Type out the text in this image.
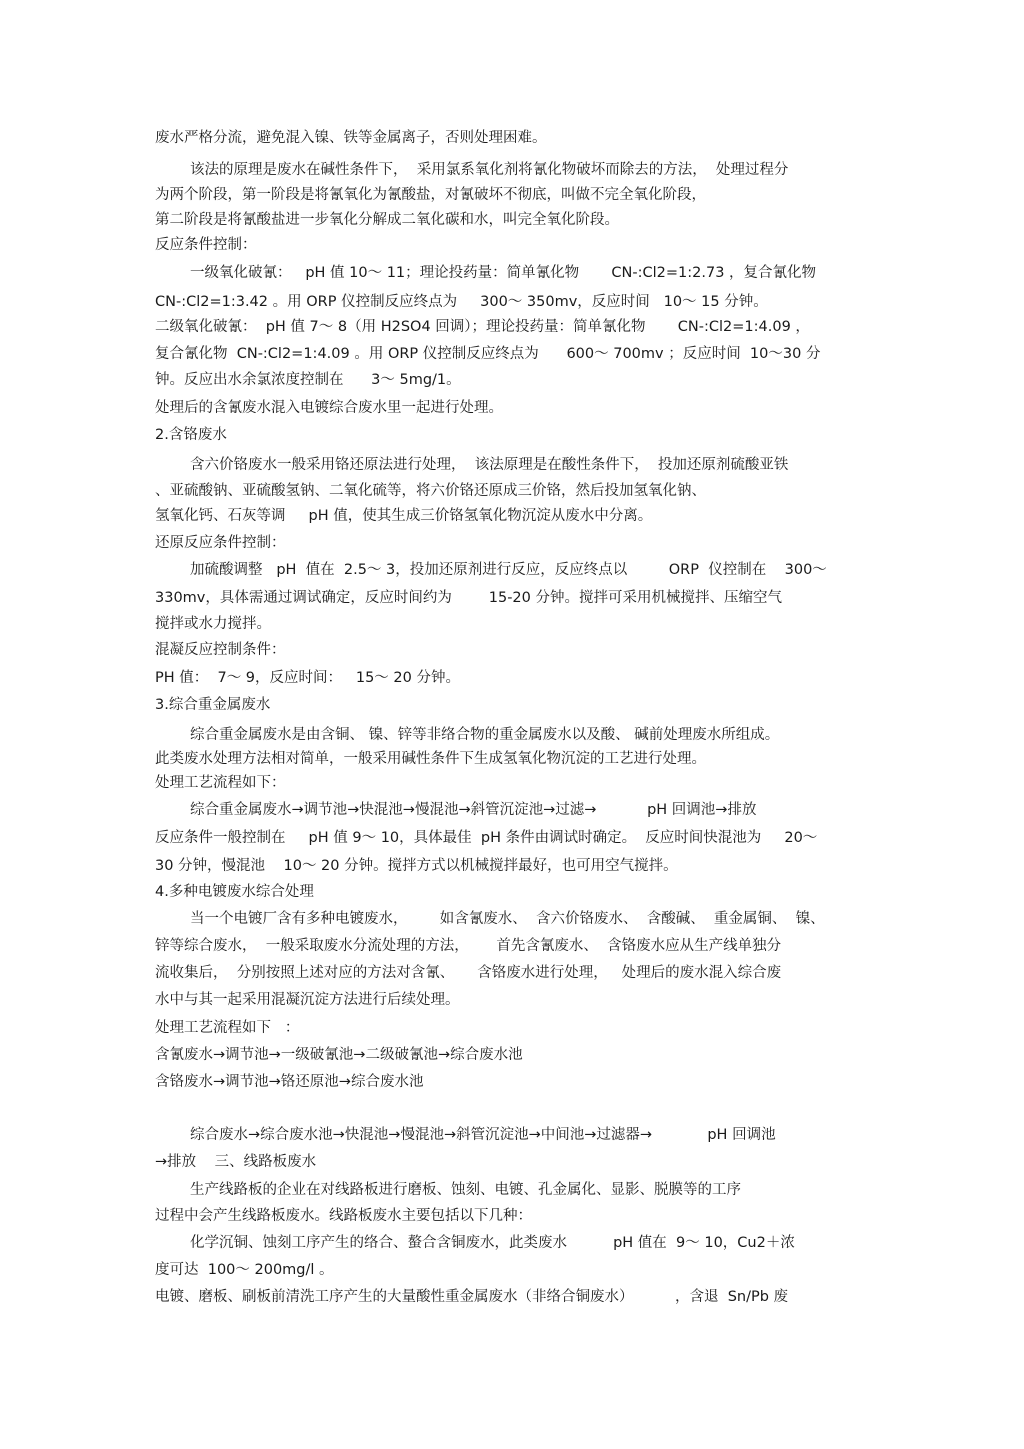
废水严格分流，避免混入镍、铁等金属离子，否则处理困难。

该法的原理是废水在碱性条件下，  采用氯系氧化剂将氰化物破坏而除去的方法，  处理过程分

为两个阶段，第一阶段是将氰氧化为氰酸盐，对氰破坏不彻底，叫做不完全氧化阶段，

第二阶段是将氰酸盐进一步氧化分解成二氧化碳和水，叫完全氧化阶段。

反应条件控制：

一级氧化破氰：   pH 值 10～ 11；理论投药量：简单氰化物       CN-:Cl2=1:2.73 ，复合氰化物

CN-:Cl2=1:3.42 。用 ORP 仪控制反应终点为     300～ 350mv，反应时间   10～ 15 分钟。

二级氧化破氰：  pH 值 7～ 8（用 H2SO4 回调）；理论投药量：简单氰化物       CN-:Cl2=1:4.09 ，

复合氰化物  CN-:Cl2=1:4.09 。用 ORP 仪控制反应终点为      600～ 700mv ；反应时间  10～30 分

钟。反应出水余氯浓度控制在      3～ 5mg/1。

处理后的含氰废水混入电镀综合废水里一起进行处理。

2.含铬废水

含六价铬废水一般采用铬还原法进行处理，  该法原理是在酸性条件下，  投加还原剂硫酸亚铁

、亚硫酸钠、亚硫酸氢钠、二氧化硫等，将六价铬还原成三价铬，然后投加氢氧化钠、

氢氧化钙、石灰等调     pH 值，使其生成三价铬氢氧化物沉淀从废水中分离。

还原反应条件控制：

加硫酸调整   pH  值在  2.5～ 3，投加还原剂进行反应，反应终点以         ORP  仪控制在    300～

330mv，具体需通过调试确定，反应时间约为        15-20 分钟。搅拌可采用机械搅拌、压缩空气

搅拌或水力搅拌。

混凝反应控制条件：

PH 值：  7～ 9，反应时间：   15～ 20 分钟。

3.综合重金属废水

综合重金属废水是由含铜、 镍、锌等非络合物的重金属废水以及酸、 碱前处理废水所组成。

此类废水处理方法相对简单，一般采用碱性条件下生成氢氧化物沉淀的工艺进行处理。

处理工艺流程如下：

综合重金属废水→调节池→快混池→慢混池→斜管沉淀池→过滤→           pH 回调池→排放

反应条件一般控制在     pH 值 9～ 10，具体最佳  pH 条件由调试时确定。  反应时间快混池为     20～

30 分钟，慢混池    10～ 20 分钟。搅拌方式以机械搅拌最好，也可用空气搅拌。

4.多种电镀废水综合处理

当一个电镀厂含有多种电镀废水，       如含氰废水、  含六价铬废水、  含酸碱、  重金属铜、  镍、

锌等综合废水，  一般采取废水分流处理的方法，      首先含氰废水、  含铬废水应从生产线单独分

流收集后，  分别按照上述对应的方法对含氰、     含铬废水进行处理，   处理后的废水混入综合废

水中与其一起采用混凝沉淀方法进行后续处理。

处理工艺流程如下   ：

含氰废水→调节池→一级破氰池→二级破氰池→综合废水池

含铬废水→调节池→铬还原池→综合废水池

综合废水→综合废水池→快混池→慢混池→斜管沉淀池→中间池→过滤器→            pH 回调池

→排放    三、线路板废水

生产线路板的企业在对线路板进行磨板、蚀刻、电镀、孔金属化、显影、脱膜等的工序

过程中会产生线路板废水。线路板废水主要包括以下几种：

化学沉铜、蚀刻工序产生的络合、螯合含铜废水，此类废水          pH 值在  9～ 10，Cu2＋浓

度可达  100～ 200mg/l 。

电镀、磨板、刷板前清洗工序产生的大量酸性重金属废水（非络合铜废水）         ，含退  Sn/Pb 废
